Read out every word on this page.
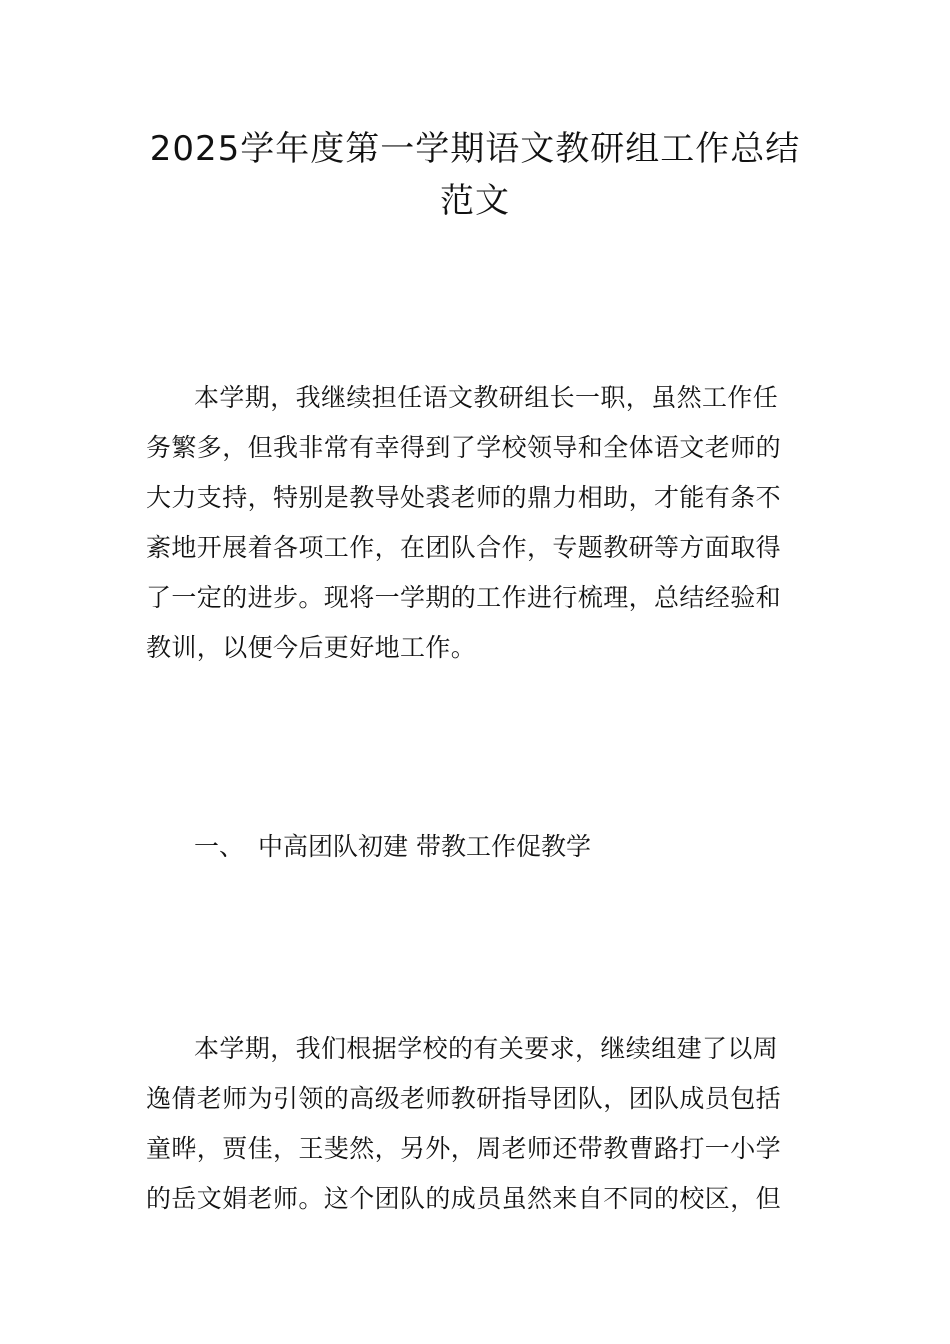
2025学年度第一学期语文教研组工作总结
范文

本学期，我继续担任语文教研组长一职，虽然工作任

务繁多，但我非常有幸得到了学校领导和全体语文老师的

大力支持，特别是教导处裘老师的鼎力相助，才能有条不

紊地开展着各项工作，在团队合作，专题教研等方面取得

了一定的进步。现将一学期的工作进行梳理，总结经验和

教训，以便今后更好地工作。

一、 中高团队初建 带教工作促教学

本学期，我们根据学校的有关要求，继续组建了以周

逸倩老师为引领的高级老师教研指导团队，团队成员包括

童晔，贾佳，王斐然，另外，周老师还带教曹路打一小学

的岳文娟老师。这个团队的成员虽然来自不同的校区，但
